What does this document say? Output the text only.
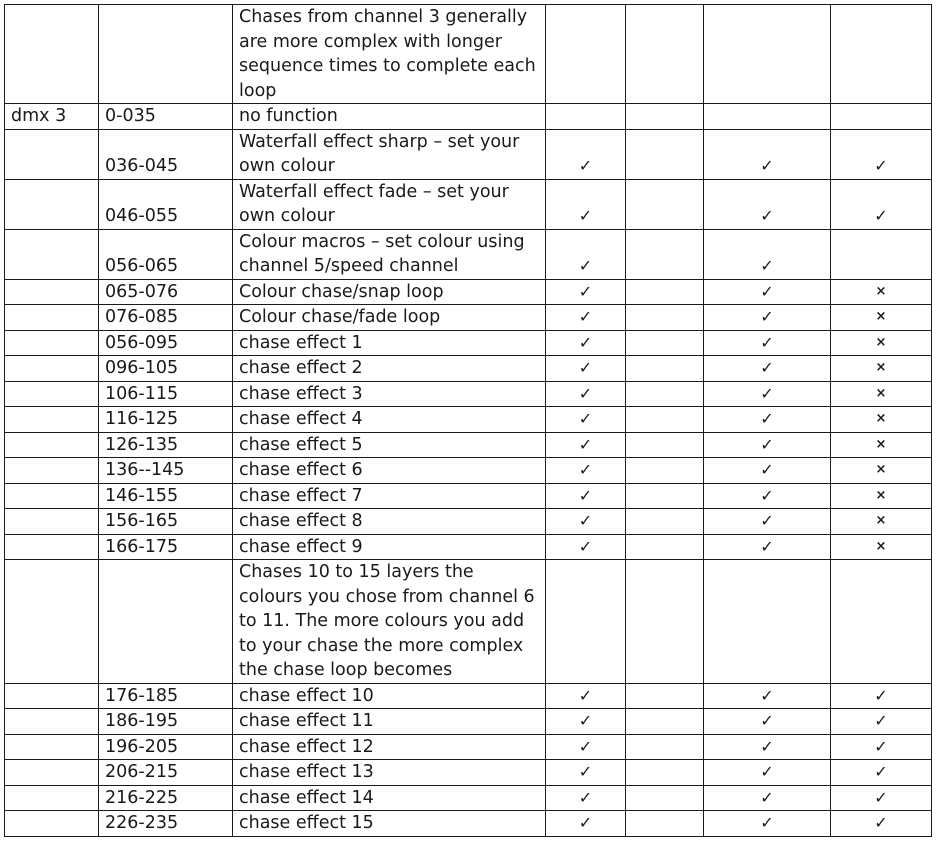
		Chases from channel 3 generally are more complex with longer sequence times to complete each loop				
dmx 3	0-035	no function				
	036-045	Waterfall effect sharp – set your own colour	✓		✓	✓
	046-055	Waterfall effect fade – set your own colour	✓		✓	✓
	056-065	Colour macros – set colour using channel 5/speed channel	✓		✓	
	065-076	Colour chase/snap loop	✓		✓	×
	076-085	Colour chase/fade loop	✓		✓	×
	056-095	chase effect 1	✓		✓	×
	096-105	chase effect 2	✓		✓	×
	106-115	chase effect 3	✓		✓	×
	116-125	chase effect 4	✓		✓	×
	126-135	chase effect 5	✓		✓	×
	136--145	chase effect 6	✓		✓	×
	146-155	chase effect 7	✓		✓	×
	156-165	chase effect 8	✓		✓	×
	166-175	chase effect 9	✓		✓	×
		Chases 10 to 15 layers the colours you chose from channel 6 to 11. The more colours you add to your chase the more complex the chase loop becomes				
	176-185	chase effect 10	✓		✓	✓
	186-195	chase effect 11	✓		✓	✓
	196-205	chase effect 12	✓		✓	✓
	206-215	chase effect 13	✓		✓	✓
	216-225	chase effect 14	✓		✓	✓
	226-235	chase effect 15	✓		✓	✓
